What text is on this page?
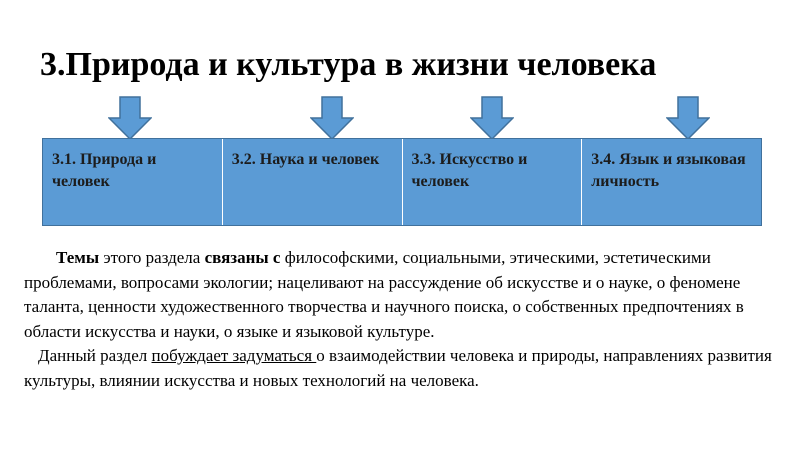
3.Природа и культура в жизни человека
3.1. Природа и человек
3.2. Наука и человек	3.3. Искусство и человек
3.4. Язык и языковая личность

Темы этого раздела связаны с философскими, социальными, этическими, эстетическими проблемами, вопросами экологии; нацеливают на рассуждение об искусстве и о науке, о феномене таланта, ценности художественного творчества и научного поиска, о собственных предпочтениях в области искусства и науки, о языке и языковой культуре.

Данный раздел побуждает задуматься о взаимодействии человека и природы, направлениях развития культуры, влиянии искусства и новых технологий на человека.
